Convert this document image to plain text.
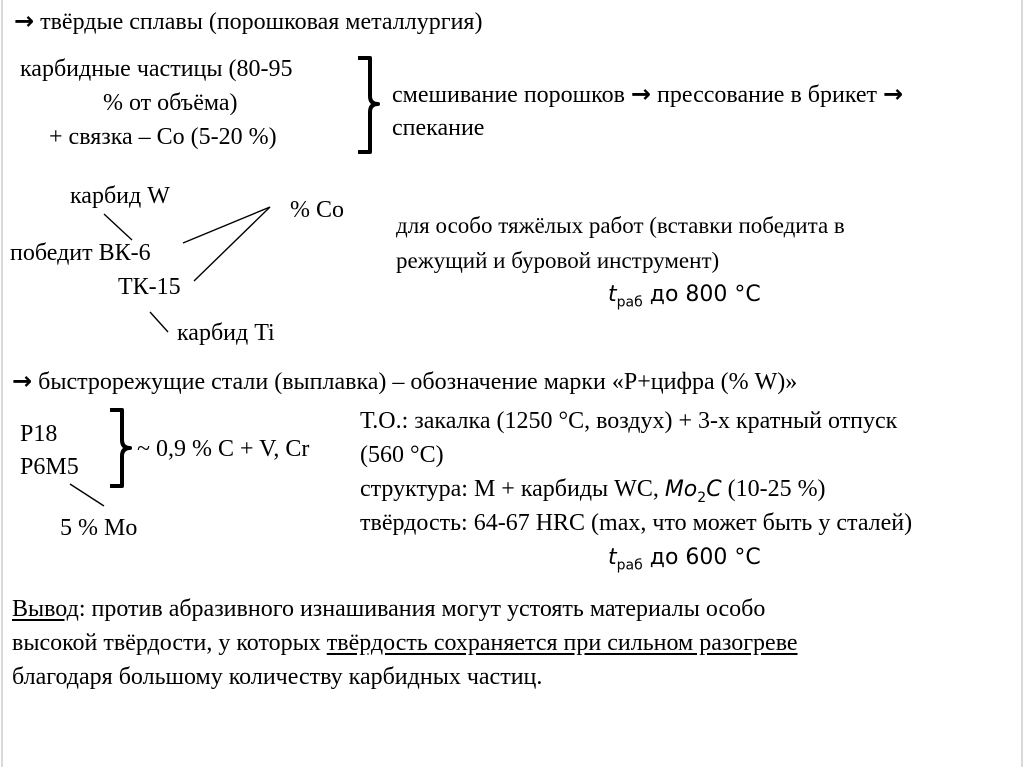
→ твёрдые сплавы (порошковая металлургия)
карбидные частицы (80-95
% от объёма)
+ связка – Co (5-20 %)
смешивание порошков → прессование в брикет →
спекание
карбид W
% Co
победит ВК-6
ТК-15
карбид Ti
для особо тяжёлых работ (вставки победита в
режущий и буровой инструмент)
$t_{раб}$ до 800 °C
→ быстрорежущие стали (выплавка) – обозначение марки «Р+цифра (% W)»
Р18
Р6М5
~ 0,9 % C + V, Cr
5 % Mo
Т.О.: закалка (1250 °C, воздух) + 3-х кратный отпуск
(560 °C)
структура: М + карбиды WC, $Mo_2C$ (10-25 %)
твёрдость: 64-67 HRC (max, что может быть у сталей)
$t_{раб}$ до 600 °C
Вывод: против абразивного изнашивания могут устоять материалы особо
высокой твёрдости, у которых твёрдость сохраняется при сильном разогреве
благодаря большому количеству карбидных частиц.
